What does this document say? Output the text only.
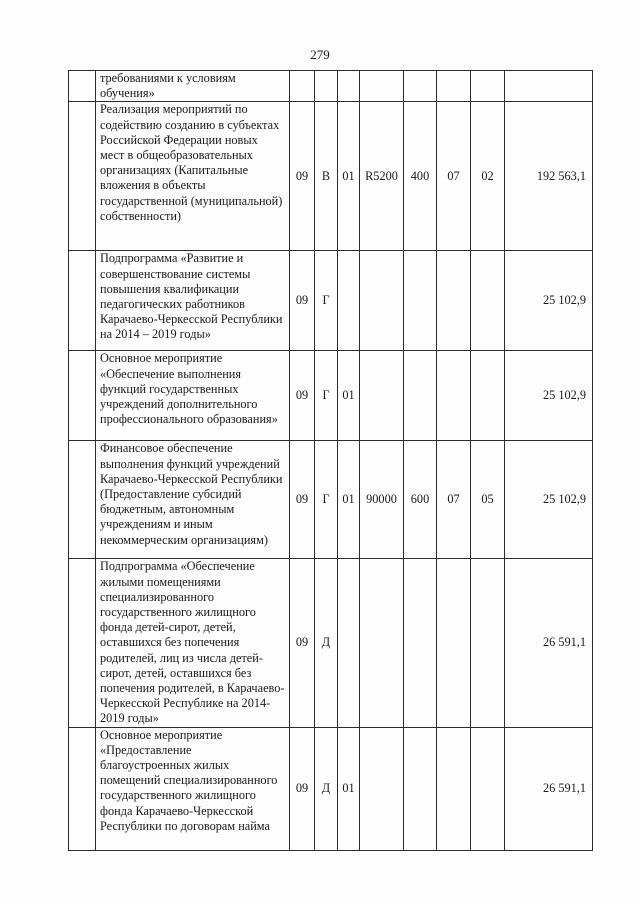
279
	требованиями к условиям обучения»								
	Реализация мероприятий по содействию созданию в субъектах Российской Федерации новых мест в общеобразовательных организациях (Капитальные вложения в объекты государственной (муниципальной) собственности)	09	В	01	R5200	400	07	02	192 563,1
	Подпрограмма «Развитие и совершенствование системы повышения квалификации педагогических работников Карачаево-Черкесской Республики на 2014 – 2019 годы»	09	Г						25 102,9
	Основное мероприятие «Обеспечение выполнения функций государственных учреждений дополнительного профессионального образования»	09	Г	01					25 102,9
	Финансовое обеспечение выполнения функций учреждений Карачаево-Черкесской Республики (Предоставление субсидий бюджетным, автономным учреждениям и иным некоммерческим организациям)	09	Г	01	90000	600	07	05	25 102,9
	Подпрограмма «Обеспечение жилыми помещениями специализированного государственного жилищного фонда детей-сирот, детей, оставшихся без попечения родителей, лиц из числа детей-сирот, детей, оставшихся без попечения родителей, в Карачаево-Черкесской Республике на 2014-2019 годы»	09	Д						26 591,1
	Основное мероприятие «Предоставление благоустроенных жилых помещений специализированного государственного жилищного фонда Карачаево-Черкесской Республики по договорам найма	09	Д	01					26 591,1
